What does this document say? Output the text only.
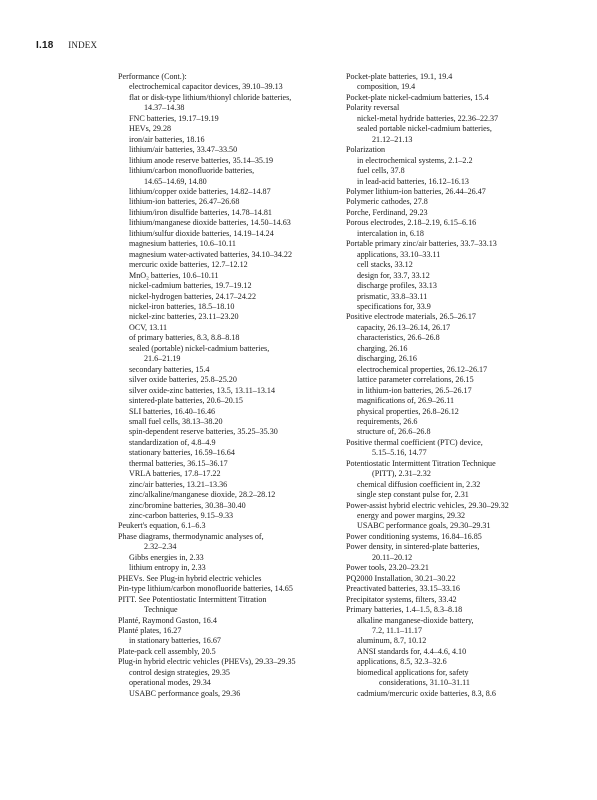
I.18 INDEX
Performance (Cont.):
electrochemical capacitor devices, 39.10–39.13
flat or disk-type lithium/thionyl chloride batteries,
14.37–14.38
FNC batteries, 19.17–19.19
HEVs, 29.28
iron/air batteries, 18.16
lithium/air batteries, 33.47–33.50
lithium anode reserve batteries, 35.14–35.19
lithium/carbon monofluoride batteries,
14.65–14.69, 14.80
lithium/copper oxide batteries, 14.82–14.87
lithium-ion batteries, 26.47–26.68
lithium/iron disulfide batteries, 14.78–14.81
lithium/manganese dioxide batteries, 14.50–14.63
lithium/sulfur dioxide batteries, 14.19–14.24
magnesium batteries, 10.6–10.11
magnesium water-activated batteries, 34.10–34.22
mercuric oxide batteries, 12.7–12.12
MnO₂ batteries, 10.6–10.11
nickel-cadmium batteries, 19.7–19.12
nickel-hydrogen batteries, 24.17–24.22
nickel-iron batteries, 18.5–18.10
nickel-zinc batteries, 23.11–23.20
OCV, 13.11
of primary batteries, 8.3, 8.8–8.18
sealed (portable) nickel-cadmium batteries,
21.6–21.19
secondary batteries, 15.4
silver oxide batteries, 25.8–25.20
silver oxide-zinc batteries, 13.5, 13.11–13.14
sintered-plate batteries, 20.6–20.15
SLI batteries, 16.40–16.46
small fuel cells, 38.13–38.20
spin-dependent reserve batteries, 35.25–35.30
standardization of, 4.8–4.9
stationary batteries, 16.59–16.64
thermal batteries, 36.15–36.17
VRLA batteries, 17.8–17.22
zinc/air batteries, 13.21–13.36
zinc/alkaline/manganese dioxide, 28.2–28.12
zinc/bromine batteries, 30.38–30.40
zinc-carbon batteries, 9.15–9.33
Peukert's equation, 6.1–6.3
Phase diagrams, thermodynamic analyses of,
2.32–2.34
Gibbs energies in, 2.33
lithium entropy in, 2.33
PHEVs. See Plug-in hybrid electric vehicles
Pin-type lithium/carbon monofluoride batteries, 14.65
PITT. See Potentiostatic Intermittent Titration
Technique
Planté, Raymond Gaston, 16.4
Planté plates, 16.27
in stationary batteries, 16.67
Plate-pack cell assembly, 20.5
Plug-in hybrid electric vehicles (PHEVs), 29.33–29.35
control design strategies, 29.35
operational modes, 29.34
USABC performance goals, 29.36
Pocket-plate batteries, 19.1, 19.4
composition, 19.4
Pocket-plate nickel-cadmium batteries, 15.4
Polarity reversal
nickel-metal hydride batteries, 22.36–22.37
sealed portable nickel-cadmium batteries,
21.12–21.13
Polarization
in electrochemical systems, 2.1–2.2
fuel cells, 37.8
in lead-acid batteries, 16.12–16.13
Polymer lithium-ion batteries, 26.44–26.47
Polymeric cathodes, 27.8
Porche, Ferdinand, 29.23
Porous electrodes, 2.18–2.19, 6.15–6.16
intercalation in, 6.18
Portable primary zinc/air batteries, 33.7–33.13
applications, 33.10–33.11
cell stacks, 33.12
design for, 33.7, 33.12
discharge profiles, 33.13
prismatic, 33.8–33.11
specifications for, 33.9
Positive electrode materials, 26.5–26.17
capacity, 26.13–26.14, 26.17
characteristics, 26.6–26.8
charging, 26.16
discharging, 26.16
electrochemical properties, 26.12–26.17
lattice parameter correlations, 26.15
in lithium-ion batteries, 26.5–26.17
magnifications of, 26.9–26.11
physical properties, 26.8–26.12
requirements, 26.6
structure of, 26.6–26.8
Positive thermal coefficient (PTC) device,
5.15–5.16, 14.77
Potentiostatic Intermittent Titration Technique
(PITT), 2.31–2.32
chemical diffusion coefficient in, 2.32
single step constant pulse for, 2.31
Power-assist hybrid electric vehicles, 29.30–29.32
energy and power margins, 29.32
USABC performance goals, 29.30–29.31
Power conditioning systems, 16.84–16.85
Power density, in sintered-plate batteries,
20.11–20.12
Power tools, 23.20–23.21
PQ2000 Installation, 30.21–30.22
Preactivated batteries, 33.15–33.16
Precipitator systems, filters, 33.42
Primary batteries, 1.4–1.5, 8.3–8.18
alkaline manganese-dioxide battery,
7.2, 11.1–11.17
aluminum, 8.7, 10.12
ANSI standards for, 4.4–4.6, 4.10
applications, 8.5, 32.3–32.6
biomedical applications for, safety
considerations, 31.10–31.11
cadmium/mercuric oxide batteries, 8.3, 8.6
